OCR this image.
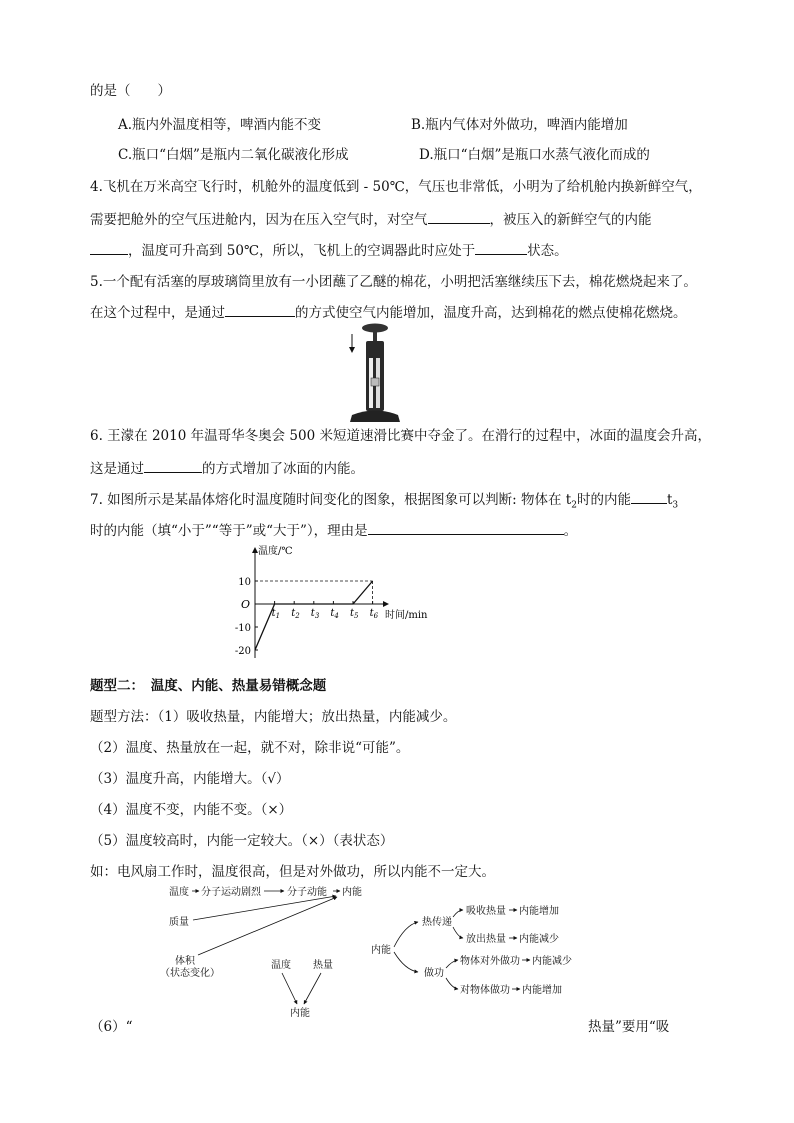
的是（　　）
A.瓶内外温度相等，啤酒内能不变	B.瓶内气体对外做功，啤酒内能增加
C.瓶口“白烟”是瓶内二氧化碳液化形成	D.瓶口“白烟”是瓶口水蒸气液化而成的
4.飞机在万米高空飞行时，机舱外的温度低到 - 50℃，气压也非常低，小明为了给机舱内换新鲜空气，
需要把舱外的空气压进舱内，因为在压入空气时，对空气	，被压入的新鲜空气的内能
，温度可升高到 50℃，所以，飞机上的空调器此时应处于	状态。
5.一个配有活塞的厚玻璃筒里放有一小团蘸了乙醚的棉花，小明把活塞继续压下去，棉花燃烧起来了。
在这个过程中，是通过	的方式使空气内能增加，温度升高，达到棉花的燃点使棉花燃烧。
6. 王濛在 2010 年温哥华冬奥会 500 米短道速滑比赛中夺金了。在滑行的过程中，冰面的温度会升高，
这是通过	的方式增加了冰面的内能。
7. 如图所示是某晶体熔化时温度随时间变化的图象，根据图象可以判断: 物体在 $t_2$时的内能	$t_3$
时的内能（填“小于”“等于”或“大于”），理由是	。
温度/℃
时间/min
O
10
-10
-20
$t_1$ $t_2$ $t_3$ $t_4$ $t_5$ $t_6$
题型二：　温度、内能、热量易错概念题
题型方法：（1）吸收热量，内能增大；放出热量，内能减少。
（2）温度、热量放在一起，就不对，除非说“可能”。
（3）温度升高，内能增大。（√）
（4）温度不变，内能不变。（×）
（5）温度较高时，内能一定较大。（×）（表状态）
如：电风扇工作时，温度很高，但是对外做功，所以内能不一定大。
温度 分子运动剧烈	分子动能 内能
质量
体积
（状态变化）
温度 热量
内能
内能
热传递
吸收热量 内能增加
放出热量 内能减少
做功
物体对外做功 内能减少
对物体做功 内能增加
（6）“	热量”要用“吸
